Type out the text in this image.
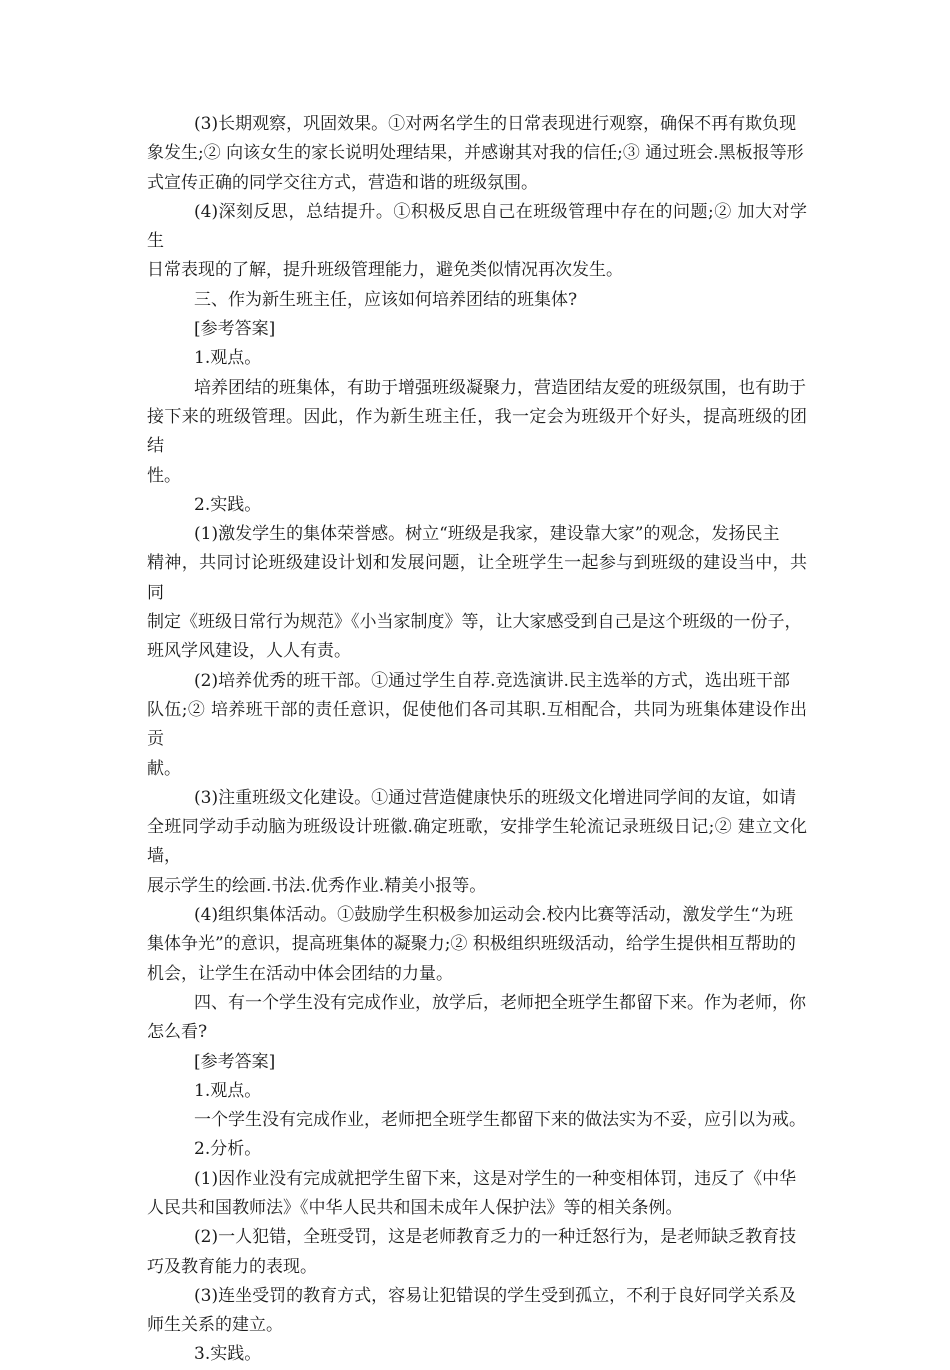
(3)长期观察，巩固效果。①对两名学生的日常表现进行观察，确保不再有欺负现
象发生;② 向该女生的家长说明处理结果，并感谢其对我的信任;③ 通过班会.黑板报等形
式宣传正确的同学交往方式，营造和谐的班级氛围。

(4)深刻反思，总结提升。①积极反思自己在班级管理中存在的问题;② 加大对学生
日常表现的了解，提升班级管理能力，避免类似情况再次发生。

三、作为新生班主任，应该如何培养团结的班集体?

[参考答案]

1.观点。

培养团结的班集体，有助于增强班级凝聚力，营造团结友爱的班级氛围，也有助于
接下来的班级管理。因此，作为新生班主任，我一定会为班级开个好头，提高班级的团结
性。

2.实践。

(1)激发学生的集体荣誉感。树立“班级是我家，建设靠大家”的观念，发扬民主
精神，共同讨论班级建设计划和发展问题，让全班学生一起参与到班级的建设当中，共同
制定《班级日常行为规范》《小当家制度》等，让大家感受到自己是这个班级的一份子，
班风学风建设，人人有责。

(2)培养优秀的班干部。①通过学生自荐.竞选演讲.民主选举的方式，选出班干部
队伍;② 培养班干部的责任意识，促使他们各司其职.互相配合，共同为班集体建设作出贡
献。

(3)注重班级文化建设。①通过营造健康快乐的班级文化增进同学间的友谊，如请
全班同学动手动脑为班级设计班徽.确定班歌，安排学生轮流记录班级日记;② 建立文化墙，
展示学生的绘画.书法.优秀作业.精美小报等。

(4)组织集体活动。①鼓励学生积极参加运动会.校内比赛等活动，激发学生“为班
集体争光”的意识，提高班集体的凝聚力;② 积极组织班级活动，给学生提供相互帮助的
机会，让学生在活动中体会团结的力量。

四、有一个学生没有完成作业，放学后，老师把全班学生都留下来。作为老师，你
怎么看?

[参考答案]

1.观点。

一个学生没有完成作业，老师把全班学生都留下来的做法实为不妥，应引以为戒。

2.分析。

(1)因作业没有完成就把学生留下来，这是对学生的一种变相体罚，违反了《中华
人民共和国教师法》《中华人民共和国未成年人保护法》等的相关条例。

(2)一人犯错，全班受罚，这是老师教育乏力的一种迁怒行为，是老师缺乏教育技
巧及教育能力的表现。

(3)连坐受罚的教育方式，容易让犯错误的学生受到孤立，不利于良好同学关系及
师生关系的建立。

3.实践。
